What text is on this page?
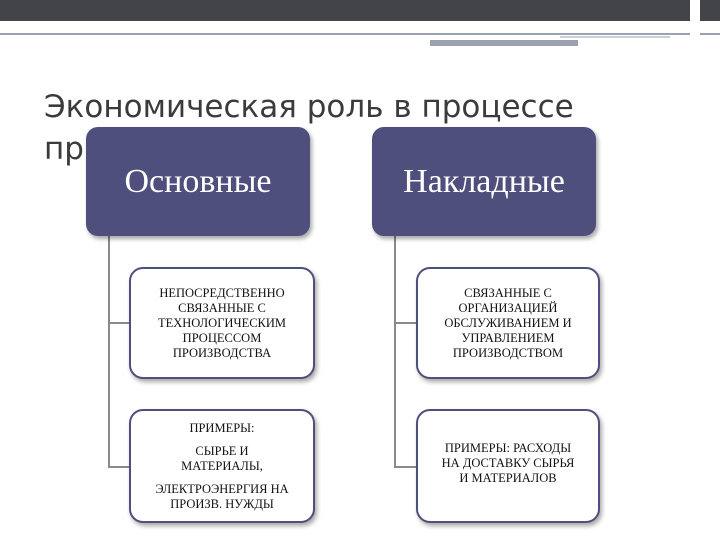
Экономическая роль в процессе
пр
Основные	Накладные
НЕПОСРЕДСТВЕННО
СВЯЗАННЫЕ С
ТЕХНОЛОГИЧЕСКИМ
ПРОЦЕССОМ
ПРОИЗВОДСТВА
ПРИМЕРЫ:
СЫРЬЕ И
МАТЕРИАЛЫ,
ЭЛЕКТРОЭНЕРГИЯ НА
ПРОИЗВ. НУЖДЫ
СВЯЗАННЫЕ С
ОРГАНИЗАЦИЕЙ
ОБСЛУЖИВАНИЕМ И
УПРАВЛЕНИЕМ
ПРОИЗВОДСТВОМ
ПРИМЕРЫ: РАСХОДЫ
НА ДОСТАВКУ СЫРЬЯ
И МАТЕРИАЛОВ
